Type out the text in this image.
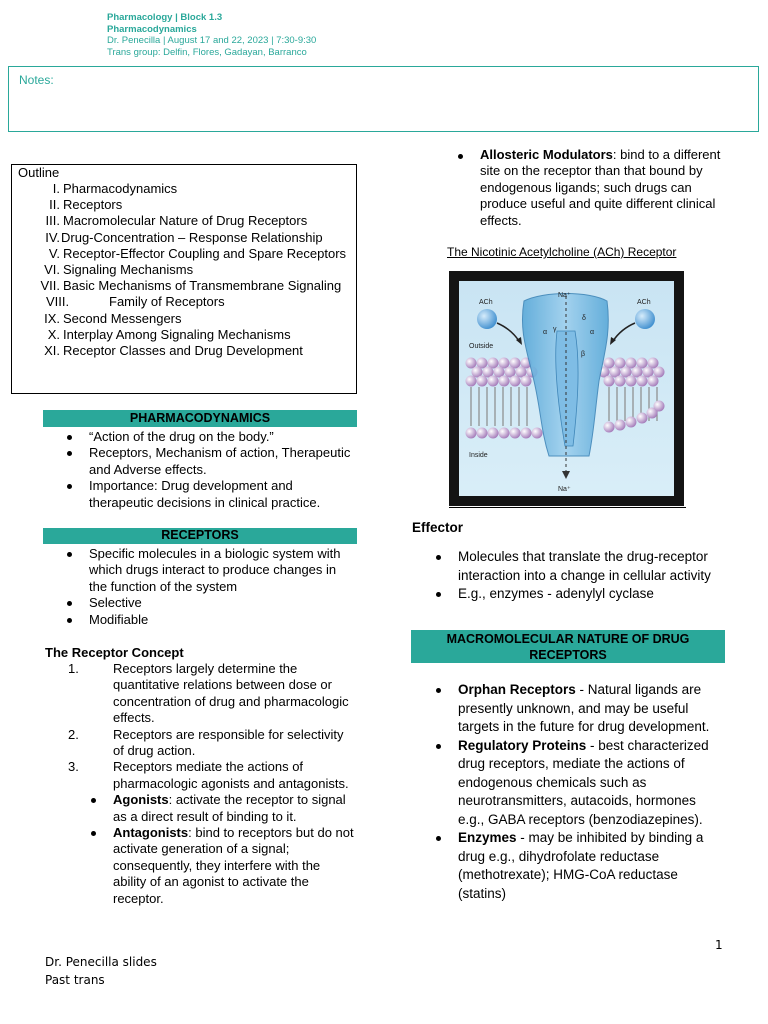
Pharmacology | Block 1.3
Pharmacodynamics
Dr. Penecilla | August 17 and 22, 2023 | 7:30-9:30
Trans group: Delfin, Flores, Gadayan, Barranco
Notes:
Outline
I. Pharmacodynamics
II. Receptors
III. Macromolecular Nature of Drug Receptors
IV. Drug-Concentration – Response Relationship
V. Receptor-Effector Coupling and Spare Receptors
VI. Signaling Mechanisms
VII. Basic Mechanisms of Transmembrane Signaling
VIII.	Family of Receptors
IX. Second Messengers
X. Interplay Among Signaling Mechanisms
XI. Receptor Classes and Drug Development
PHARMACODYNAMICS
“Action of the drug on the body.”
Receptors, Mechanism of action, Therapeutic and Adverse effects.
Importance: Drug development and therapeutic decisions in clinical practice.
RECEPTORS
Specific molecules in a biologic system with which drugs interact to produce changes in the function of the system
Selective
Modifiable
The Receptor Concept
1.	Receptors largely determine the quantitative relations between dose or concentration of drug and pharmacologic effects.
2.	Receptors are responsible for selectivity of drug action.
3.	Receptors mediate the actions of pharmacologic agonists and antagonists.
Agonists: activate the receptor to signal as a direct result of binding to it.
Antagonists: bind to receptors but do not activate generation of a signal; consequently, they interfere with the ability of an agonist to activate the receptor.
Allosteric Modulators: bind to a different site on the receptor than that bound by endogenous ligands; such drugs can produce useful and quite different clinical effects.
The Nicotinic Acetylcholine (ACh) Receptor
Na⁺
Na⁺
ACh	ACh
Outside
Inside
α	α
β
γ
δ
Effector
Molecules that translate the drug-receptor interaction into a change in cellular activity
E.g., enzymes - adenylyl cyclase
MACROMOLECULAR NATURE OF DRUG RECEPTORS
Orphan Receptors - Natural ligands are presently unknown, and may be useful targets in the future for drug development.
Regulatory Proteins - best characterized drug receptors, mediate the actions of endogenous chemicals such as neurotransmitters, autacoids, hormones e.g., GABA receptors (benzodiazepines).
Enzymes - may be inhibited by binding a drug e.g., dihydrofolate reductase (methotrexate); HMG-CoA reductase (statins)
Dr. Penecilla slides
Past trans
1
